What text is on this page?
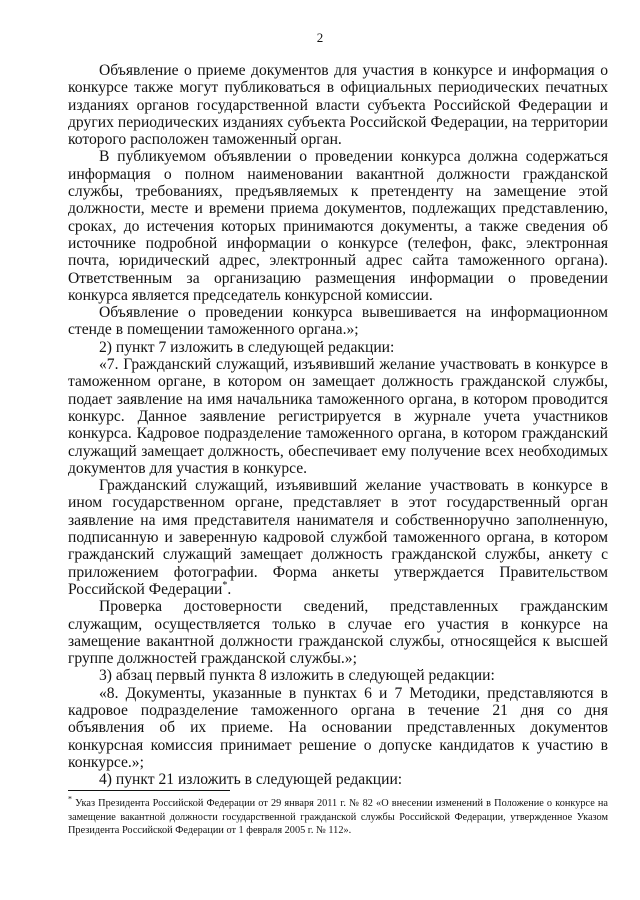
2

Объявление о приеме документов для участия в конкурсе и информация о конкурсе также могут публиковаться в официальных периодических печатных изданиях органов государственной власти субъекта Российской Федерации и других периодических изданиях субъекта Российской Федерации, на территории которого расположен таможенный орган.

В публикуемом объявлении о проведении конкурса должна содержаться информация о полном наименовании вакантной должности гражданской службы, требованиях, предъявляемых к претенденту на замещение этой должности, месте и времени приема документов, подлежащих представлению, сроках, до истечения которых принимаются документы, а также сведения об источнике подробной информации о конкурсе (телефон, факс, электронная почта, юридический адрес, электронный адрес сайта таможенного органа). Ответственным за организацию размещения информации о проведении конкурса является председатель конкурсной комиссии.

Объявление о проведении конкурса вывешивается на информационном стенде в помещении таможенного органа.»;

2) пункт 7 изложить в следующей редакции:

«7. Гражданский служащий, изъявивший желание участвовать в конкурсе в таможенном органе, в котором он замещает должность гражданской службы, подает заявление на имя начальника таможенного органа, в котором проводится конкурс. Данное заявление регистрируется в журнале учета участников конкурса. Кадровое подразделение таможенного органа, в котором гражданский служащий замещает должность, обеспечивает ему получение всех необходимых документов для участия в конкурсе.

Гражданский служащий, изъявивший желание участвовать в конкурсе в ином государственном органе, представляет в этот государственный орган заявление на имя представителя нанимателя и собственноручно заполненную, подписанную и заверенную кадровой службой таможенного органа, в котором гражданский служащий замещает должность гражданской службы, анкету с приложением фотографии. Форма анкеты утверждается Правительством Российской Федерации*.

Проверка достоверности сведений, представленных гражданским служащим, осуществляется только в случае его участия в конкурсе на замещение вакантной должности гражданской службы, относящейся к высшей группе должностей гражданской службы.»;

3) абзац первый пункта 8 изложить в следующей редакции:

«8. Документы, указанные в пунктах 6 и 7 Методики, представляются в кадровое подразделение таможенного органа в течение 21 дня со дня объявления об их приеме. На основании представленных документов конкурсная комиссия принимает решение о допуске кандидатов к участию в конкурсе.»;

4) пункт 21 изложить в следующей редакции:

* Указ Президента Российской Федерации от 29 января 2011 г. № 82 «О внесении изменений в Положение о конкурсе на замещение вакантной должности государственной гражданской службы Российской Федерации, утвержденное Указом Президента Российской Федерации от 1 февраля 2005 г. № 112».
